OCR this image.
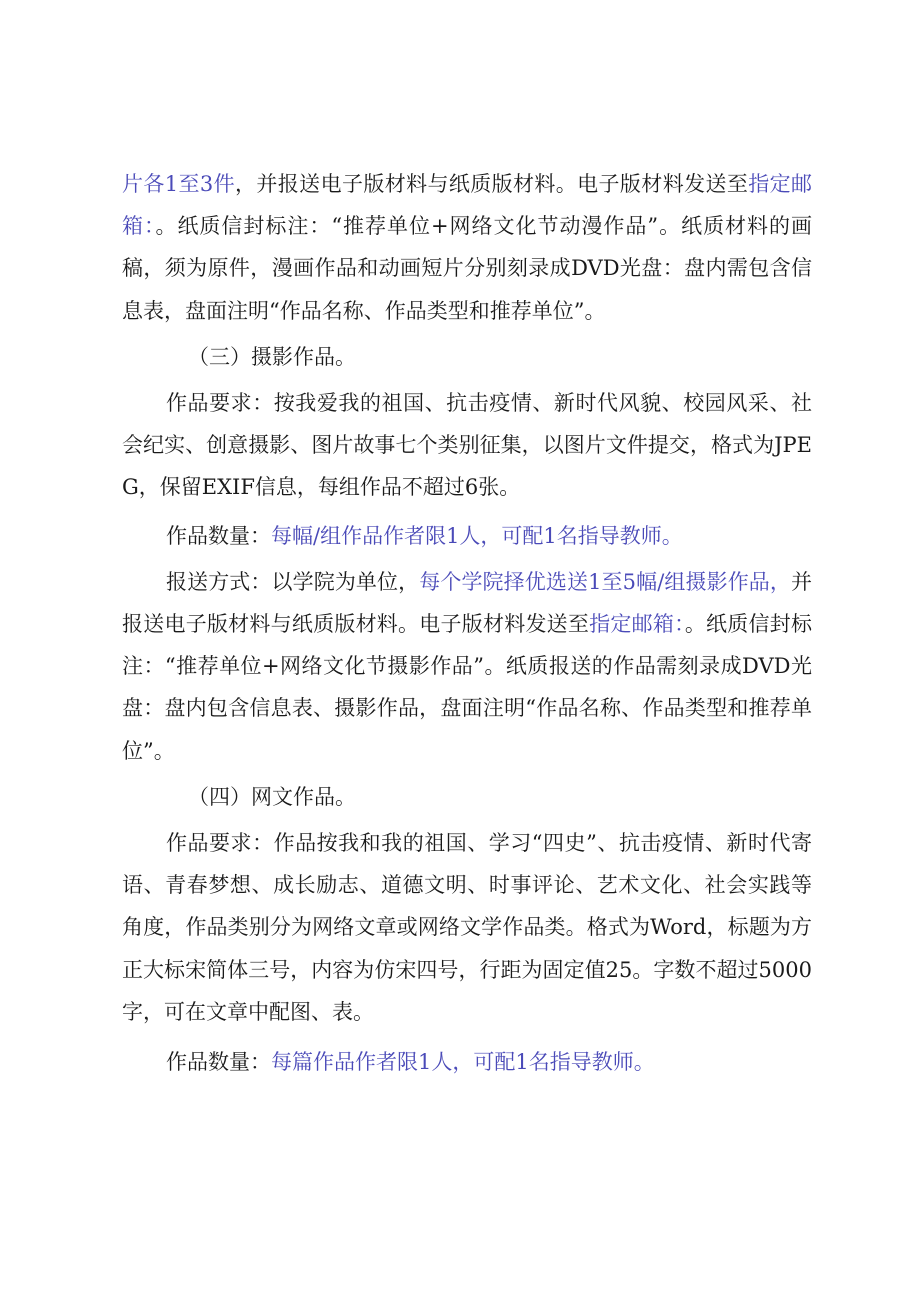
片各1至3件，并报送电子版材料与纸质版材料。电子版材料发送至指定邮箱：。纸质信封标注：“推荐单位+网络文化节动漫作品”。纸质材料的画稿，须为原件，漫画作品和动画短片分别刻录成DVD光盘：盘内需包含信息表，盘面注明“作品名称、作品类型和推荐单位”。

（三）摄影作品。

作品要求：按我爱我的祖国、抗击疫情、新时代风貌、校园风采、社会纪实、创意摄影、图片故事七个类别征集，以图片文件提交，格式为JPEG，保留EXIF信息，每组作品不超过6张。

作品数量：每幅/组作品作者限1人，可配1名指导教师。

报送方式：以学院为单位，每个学院择优选送1至5幅/组摄影作品，并报送电子版材料与纸质版材料。电子版材料发送至指定邮箱：。纸质信封标注：“推荐单位+网络文化节摄影作品”。纸质报送的作品需刻录成DVD光盘：盘内包含信息表、摄影作品，盘面注明“作品名称、作品类型和推荐单位”。

（四）网文作品。

作品要求：作品按我和我的祖国、学习“四史”、抗击疫情、新时代寄语、青春梦想、成长励志、道德文明、时事评论、艺术文化、社会实践等角度，作品类别分为网络文章或网络文学作品类。格式为Word，标题为方正大标宋简体三号，内容为仿宋四号，行距为固定值25。字数不超过5000字，可在文章中配图、表。

作品数量：每篇作品作者限1人，可配1名指导教师。
